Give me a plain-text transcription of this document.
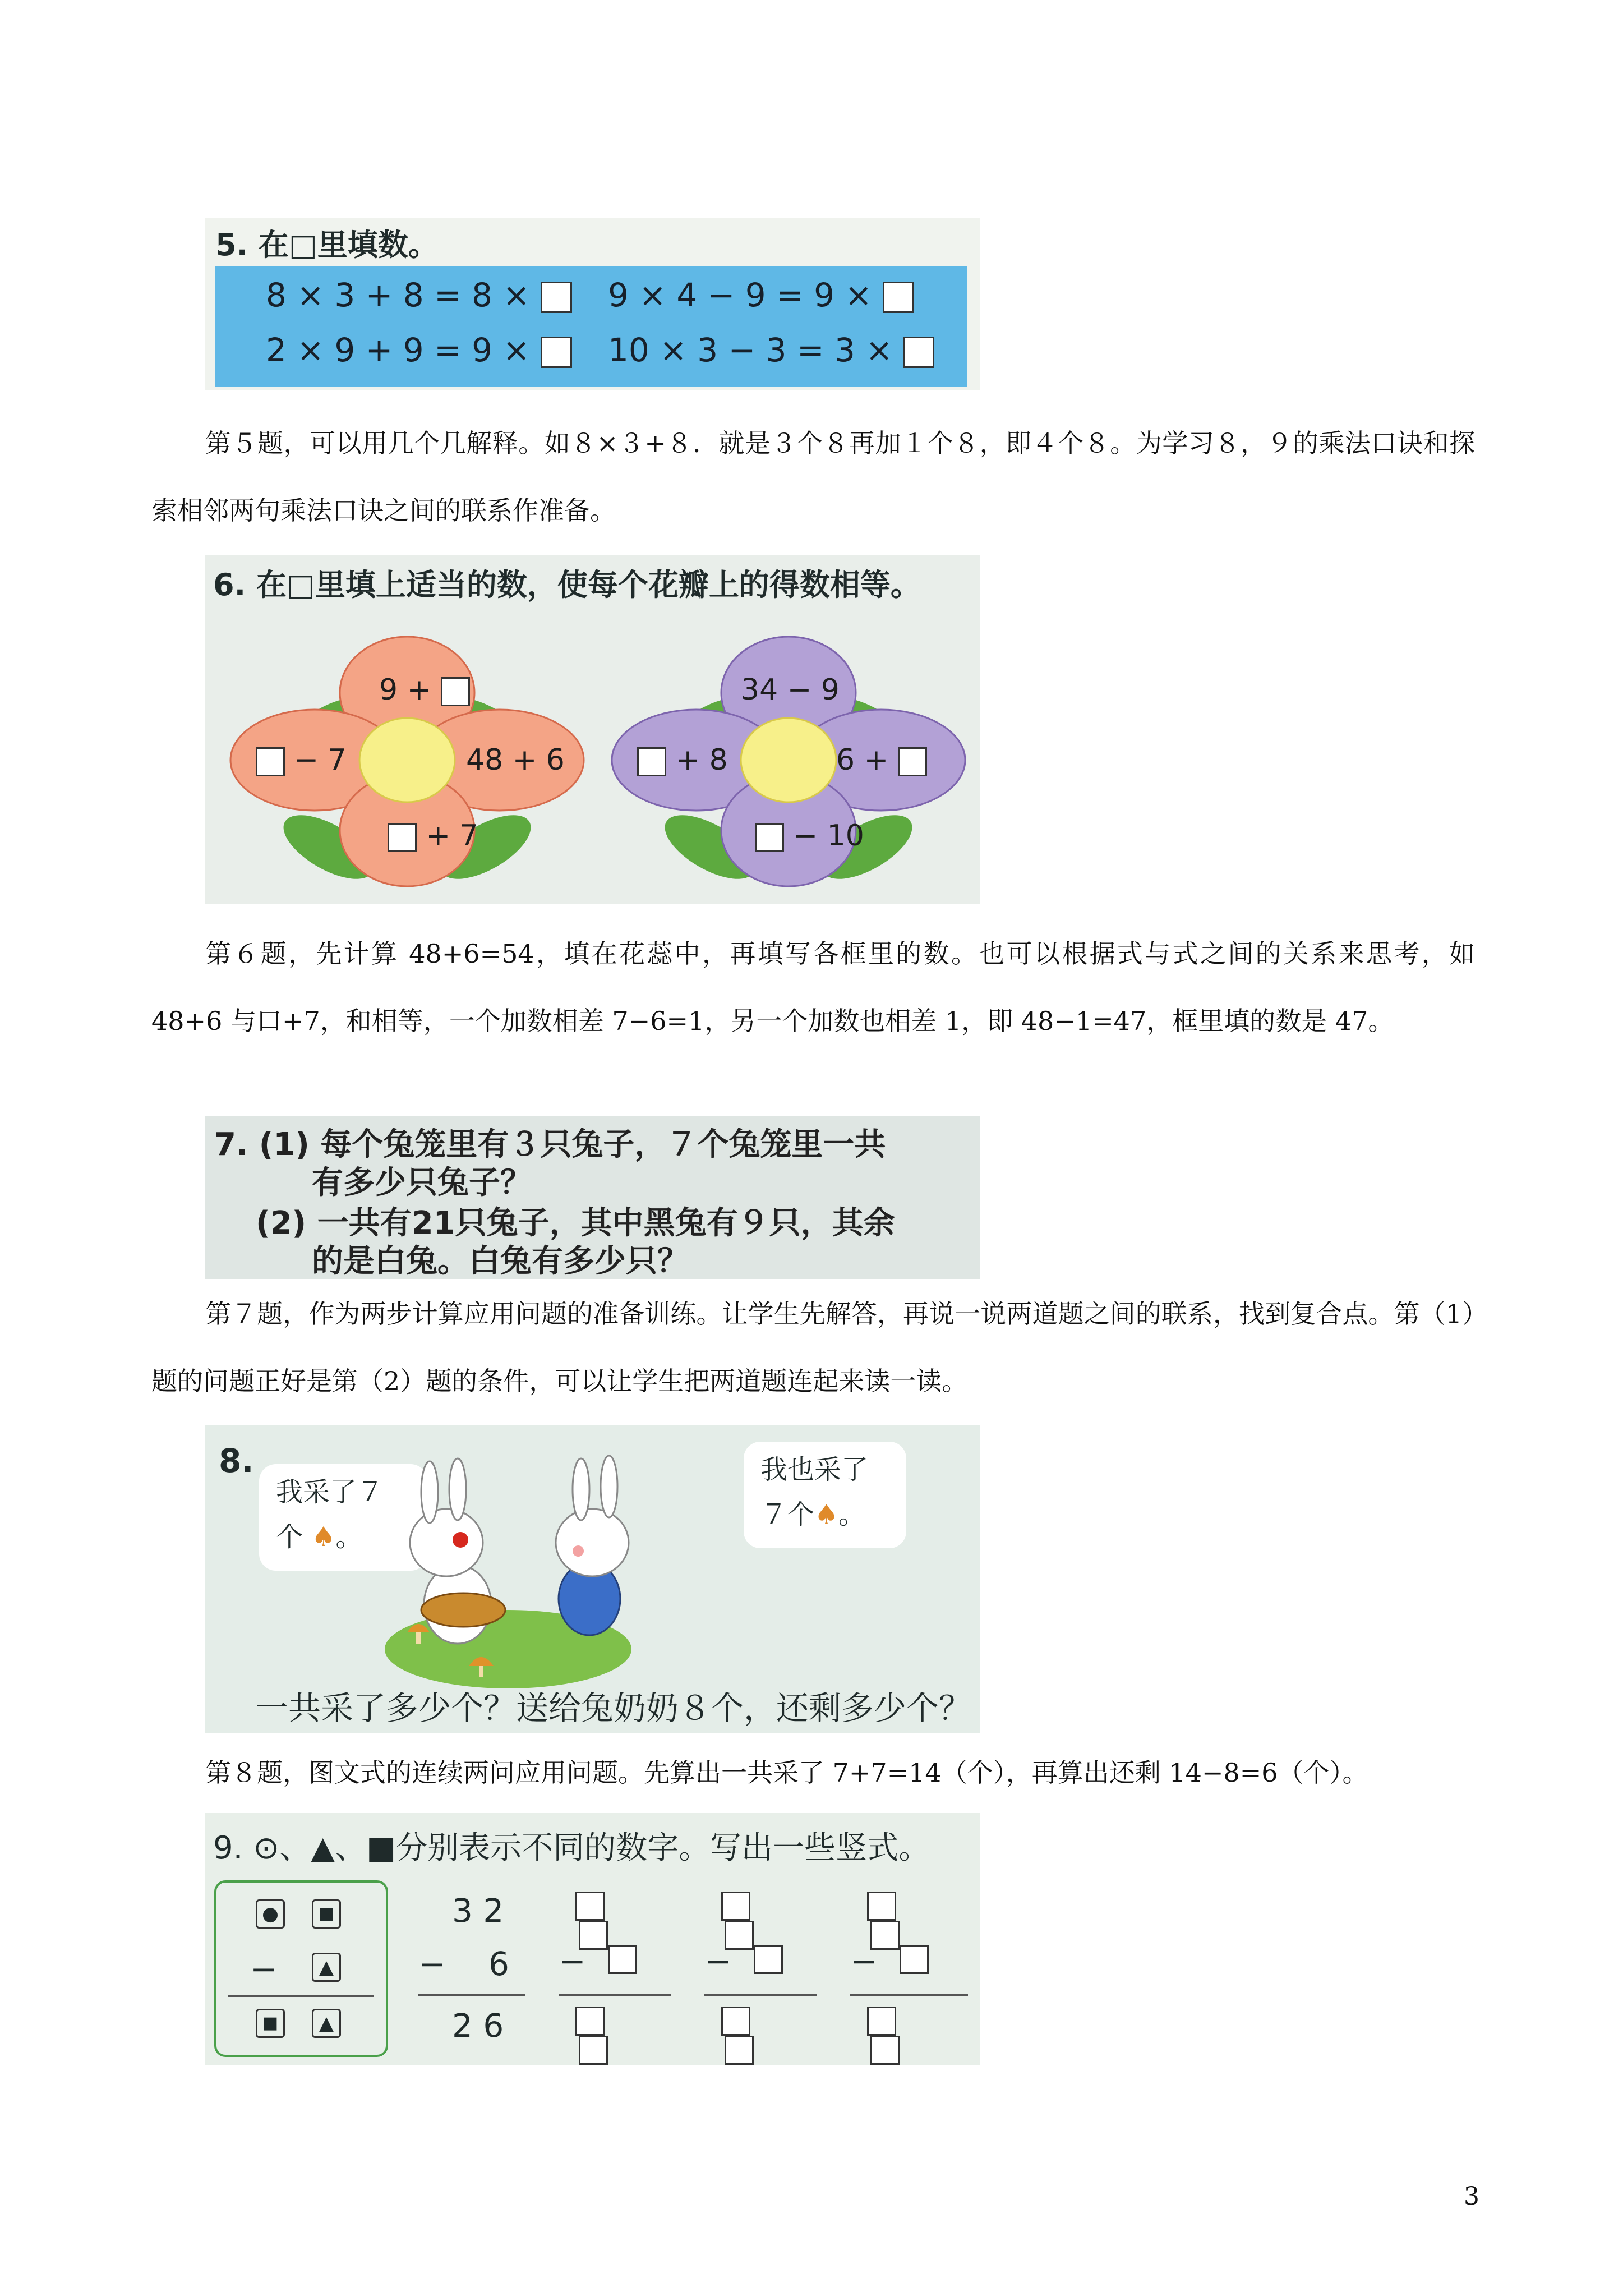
5. 在□里填数。
8 × 3 + 8 = 8 ×	9 × 4 − 9 = 9 ×
2 × 9 + 9 = 9 ×	10 × 3 − 3 = 3 ×

第５题，可以用几个几解释。如８×３+８．就是３个８再加１个８，即４个８。为学习８，９的乘法口诀和探索相邻两句乘法口诀之间的联系作准备。

6. 在□里填上适当的数，使每个花瓣上的得数相等。
9 +
− 7	48 + 6
+ 7
34 − 9
+ 8	6 +
− 10

第６题，先计算 48+6=54，填在花蕊中，再填写各框里的数。也可以根据式与式之间的关系来思考，如 48+6 与口+7，和相等，一个加数相差 7−6=1，另一个加数也相差 1，即 48−1=47，框里填的数是 47。

7. (1) 每个兔笼里有３只兔子，７个兔笼里一共
有多少只兔子？
(2) 一共有21只兔子，其中黑兔有９只，其余
的是白兔。白兔有多少只？

第７题，作为两步计算应用问题的准备训练。让学生先解答，再说一说两道题之间的联系，找到复合点。第（1）题的问题正好是第（2）题的条件，可以让学生把两道题连起来读一读。

8.
我采了７
个 ♠。
我也采了
７个♠。
一共采了多少个？送给兔奶奶８个，还剩多少个？

第８题，图文式的连续两问应用问题。先算出一共采了 7+7=14（个），再算出还剩 14−8=6（个）。

9. ⊙、▲、■分别表示不同的数字。写出一些竖式。
●	■
−	▲
■	▲
3 2
− 6
2 6
−	−	−
3
